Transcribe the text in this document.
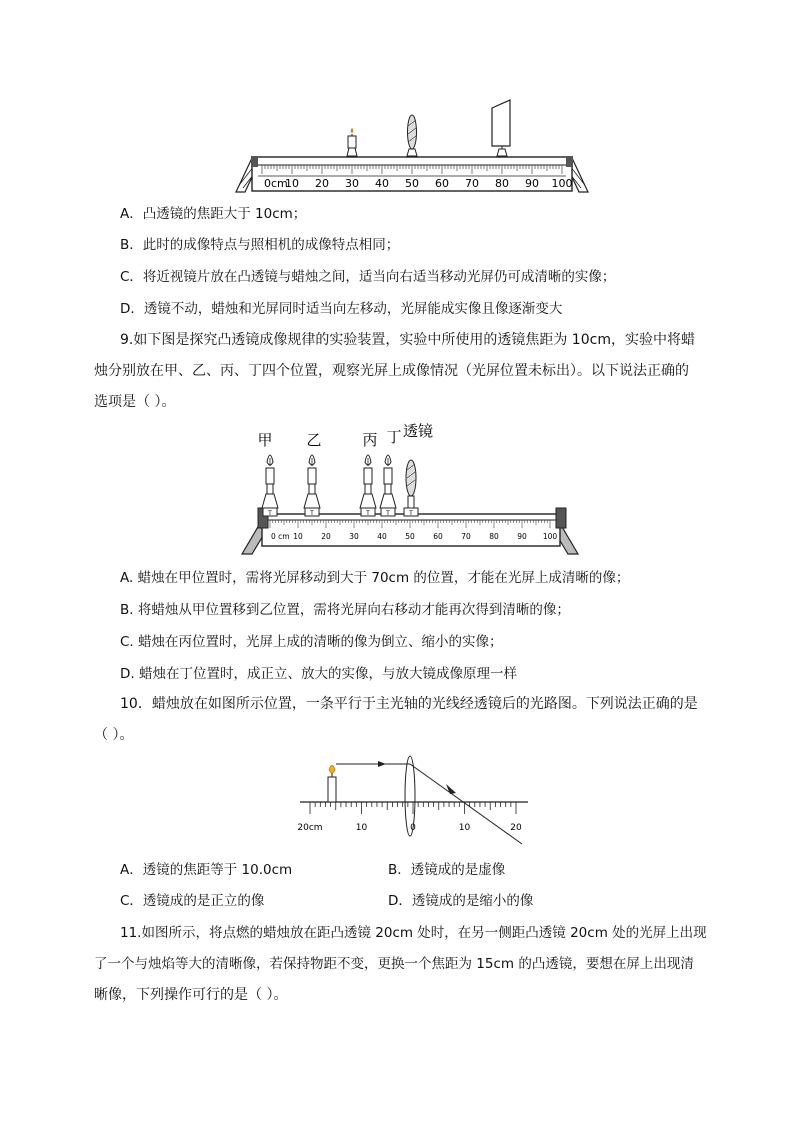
0cm
10 20 30 40 50 60 70 80 90 100
A．凸透镜的焦距大于 10cm；
B．此时的成像特点与照相机的成像特点相同；
C．将近视镜片放在凸透镜与蜡烛之间，适当向右适当移动光屏仍可成清晰的实像；
D．透镜不动，蜡烛和光屏同时适当向左移动，光屏能成实像且像逐渐变大
9.如下图是探究凸透镜成像规律的实验装置，实验中所使用的透镜焦距为 10cm，实验中将蜡
烛分别放在甲、乙、丙、丁四个位置，观察光屏上成像情况（光屏位置未标出）。以下说法正确的
选项是（ ）。
甲 乙	丙 丁 透镜
0 cm 10 20 30 40 50 60 70 80 90 100
T	T	T	T	T
A. 蜡烛在甲位置时，需将光屏移动到大于 70cm 的位置，才能在光屏上成清晰的像；
B. 将蜡烛从甲位置移到乙位置，需将光屏向右移动才能再次得到清晰的像；
C. 蜡烛在丙位置时，光屏上成的清晰的像为倒立、缩小的实像；
D. 蜡烛在丁位置时，成正立、放大的实像，与放大镜成像原理一样
10．蜡烛放在如图所示位置，一条平行于主光轴的光线经透镜后的光路图。下列说法正确的是
（ ）。
20cm	10	0	10	20
A．透镜的焦距等于 10.0cm	B．透镜成的是虚像
C．透镜成的是正立的像	D．透镜成的是缩小的像
11.如图所示，将点燃的蜡烛放在距凸透镜 20cm 处时，在另一侧距凸透镜 20cm 处的光屏上出现
了一个与烛焰等大的清晰像，若保持物距不变，更换一个焦距为 15cm 的凸透镜，要想在屏上出现清
晰像，下列操作可行的是（ ）。
